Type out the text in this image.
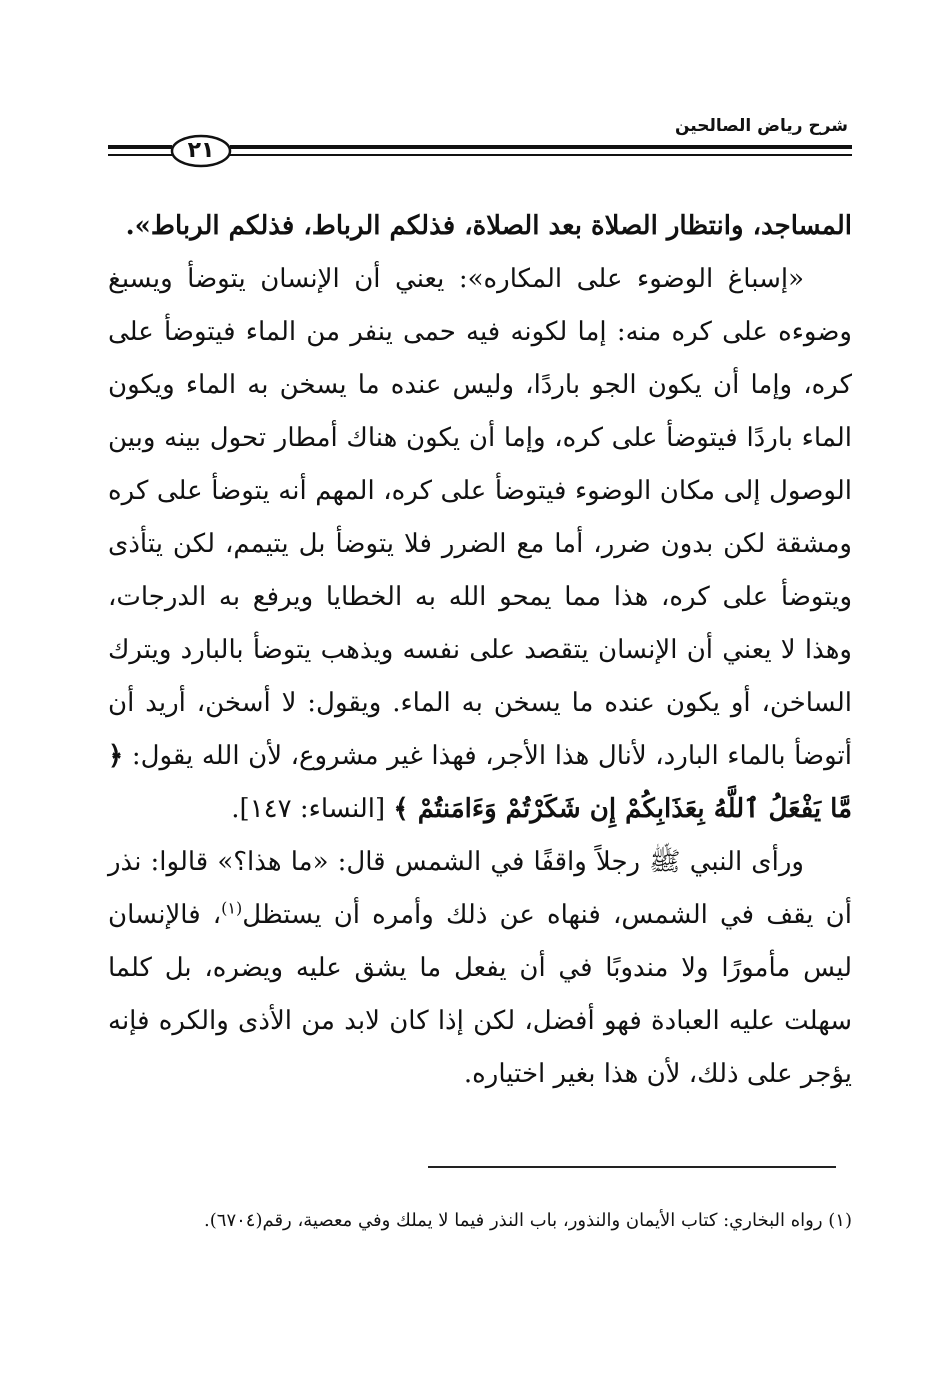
شرح رياض الصالحين
٢١

المساجد، وانتظار الصلاة بعد الصلاة، فذلكم الرباط، فذلكم الرباط».

«إسباغ الوضوء على المكاره»: يعني أن الإنسان يتوضأ ويسبغ وضوءه على كره منه: إما لكونه فيه حمى ينفر من الماء فيتوضأ على كره، وإما أن يكون الجو باردًا، وليس عنده ما يسخن به الماء ويكون الماء باردًا فيتوضأ على كره، وإما أن يكون هناك أمطار تحول بينه وبين الوصول إلى مكان الوضوء فيتوضأ على كره، المهم أنه يتوضأ على كره ومشقة لكن بدون ضرر، أما مع الضرر فلا يتوضأ بل يتيمم، لكن يتأذى ويتوضأ على كره، هذا مما يمحو الله به الخطايا ويرفع به الدرجات، وهذا لا يعني أن الإنسان يتقصد على نفسه ويذهب يتوضأ بالبارد ويترك الساخن، أو يكون عنده ما يسخن به الماء. ويقول: لا أسخن، أريد أن أتوضأ بالماء البارد، لأنال هذا الأجر، فهذا غير مشروع، لأن الله يقول: ﴿ مَّا يَفْعَلُ ٱللَّهُ بِعَذَابِكُمْ إِن شَكَرْتُمْ وَءَامَنتُمْ ﴾ [النساء: ١٤٧].

ورأى النبي ﷺ رجلاً واقفًا في الشمس قال: «ما هذا؟» قالوا: نذر أن يقف في الشمس، فنهاه عن ذلك وأمره أن يستظل$^{(١)}$، فالإنسان ليس مأمورًا ولا مندوبًا في أن يفعل ما يشق عليه ويضره، بل كلما سهلت عليه العبادة فهو أفضل، لكن إذا كان لابد من الأذى والكره فإنه يؤجر على ذلك، لأن هذا بغير اختياره.

(١) رواه البخاري: كتاب الأيمان والنذور، باب النذر فيما لا يملك وفي معصية، رقم(٦٧٠٤).
